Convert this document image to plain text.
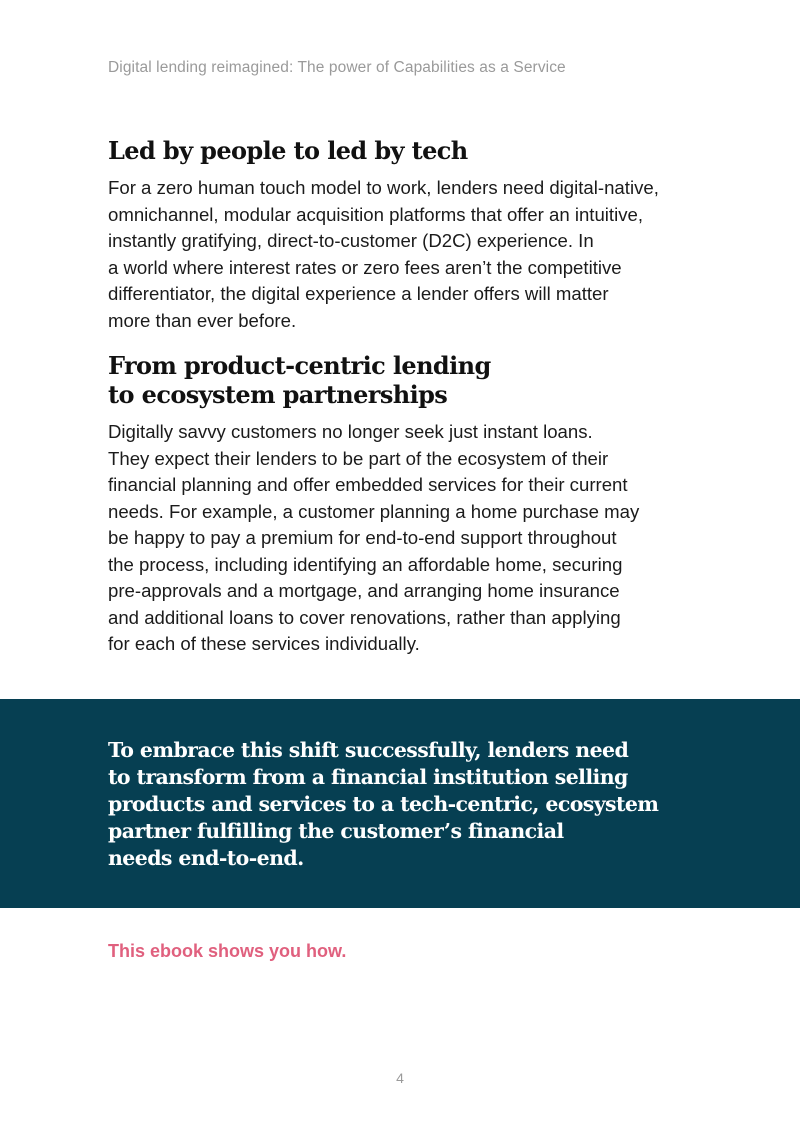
Digital lending reimagined: The power of Capabilities as a Service
Led by people to led by tech

For a zero human touch model to work, lenders need digital-native,
omnichannel, modular acquisition platforms that offer an intuitive,
instantly gratifying, direct-to-customer (D2C) experience. In
a world where interest rates or zero fees aren’t the competitive
differentiator, the digital experience a lender offers will matter
more than ever before.

From product-centric lending
to ecosystem partnerships

Digitally savvy customers no longer seek just instant loans.
They expect their lenders to be part of the ecosystem of their
financial planning and offer embedded services for their current
needs. For example, a customer planning a home purchase may
be happy to pay a premium for end-to-end support throughout
the process, including identifying an affordable home, securing
pre-approvals and a mortgage, and arranging home insurance
and additional loans to cover renovations, rather than applying
for each of these services individually.

To embrace this shift successfully, lenders need
to transform from a financial institution selling
products and services to a tech-centric, ecosystem
partner fulfilling the customer’s financial
needs end-to-end.

This ebook shows you how.
4
